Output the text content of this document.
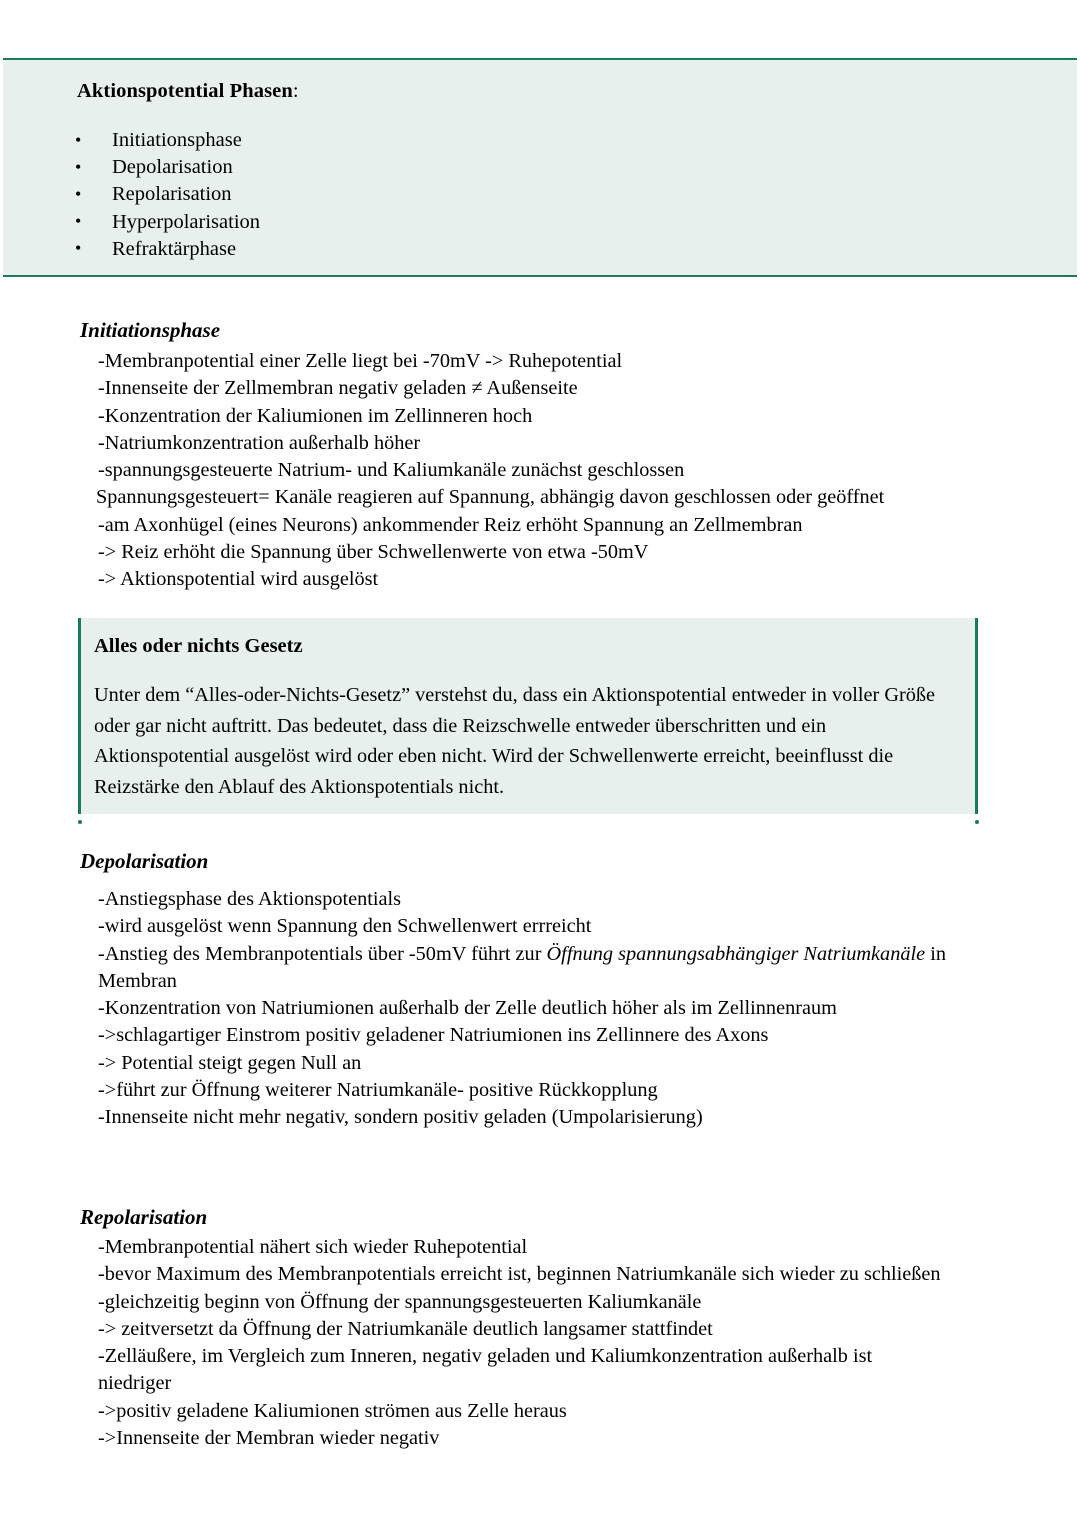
Aktionspotential Phasen:
• Initiationsphase
• Depolarisation
• Repolarisation
• Hyperpolarisation
• Refraktärphase
Initiationsphase
-Membranpotential einer Zelle liegt bei -70mV -> Ruhepotential
-Innenseite der Zellmembran negativ geladen ≠ Außenseite
-Konzentration der Kaliumionen im Zellinneren hoch
-Natriumkonzentration außerhalb höher
-spannungsgesteuerte Natrium- und Kaliumkanäle zunächst geschlossen
Spannungsgesteuert= Kanäle reagieren auf Spannung, abhängig davon geschlossen oder geöffnet
-am Axonhügel (eines Neurons) ankommender Reiz erhöht Spannung an Zellmembran
-> Reiz erhöht die Spannung über Schwellenwerte von etwa -50mV
-> Aktionspotential wird ausgelöst
Alles oder nichts Gesetz
Unter dem “Alles-oder-Nichts-Gesetz” verstehst du, dass ein Aktionspotential entweder in voller Größe oder gar nicht auftritt. Das bedeutet, dass die Reizschwelle entweder überschritten und ein Aktionspotential ausgelöst wird oder eben nicht. Wird der Schwellenwerte erreicht, beeinflusst die Reizstärke den Ablauf des Aktionspotentials nicht.
Depolarisation
-Anstiegsphase des Aktionspotentials
-wird ausgelöst wenn Spannung den Schwellenwert errreicht
-Anstieg des Membranpotentials über -50mV führt zur Öffnung spannungsabhängiger Natriumkanäle in Membran
-Konzentration von Natriumionen außerhalb der Zelle deutlich höher als im Zellinnenraum
->schlagartiger Einstrom positiv geladener Natriumionen ins Zellinnere des Axons
-> Potential steigt gegen Null an
->führt zur Öffnung weiterer Natriumkanäle- positive Rückkopplung
-Innenseite nicht mehr negativ, sondern positiv geladen (Umpolarisierung)
Repolarisation
-Membranpotential nähert sich wieder Ruhepotential
-bevor Maximum des Membranpotentials erreicht ist, beginnen Natriumkanäle sich wieder zu schließen
-gleichzeitig beginn von Öffnung der spannungsgesteuerten Kaliumkanäle
-> zeitversetzt da Öffnung der Natriumkanäle deutlich langsamer stattfindet
-Zelläußere, im Vergleich zum Inneren, negativ geladen und Kaliumkonzentration außerhalb ist niedriger
->positiv geladene Kaliumionen strömen aus Zelle heraus
->Innenseite der Membran wieder negativ
